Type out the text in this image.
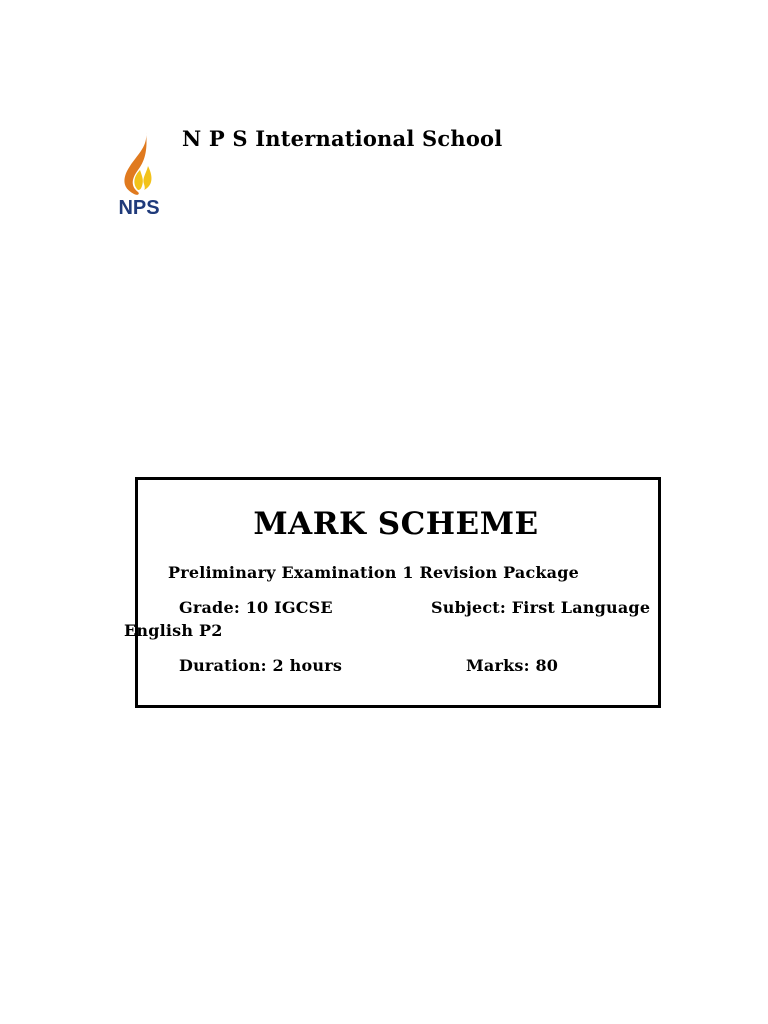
NPS
N P S International School
MARK SCHEME
Preliminary Examination 1 Revision Package
Grade: 10 IGCSE	Subject: First Language
English P2
Duration: 2 hours	Marks: 80
